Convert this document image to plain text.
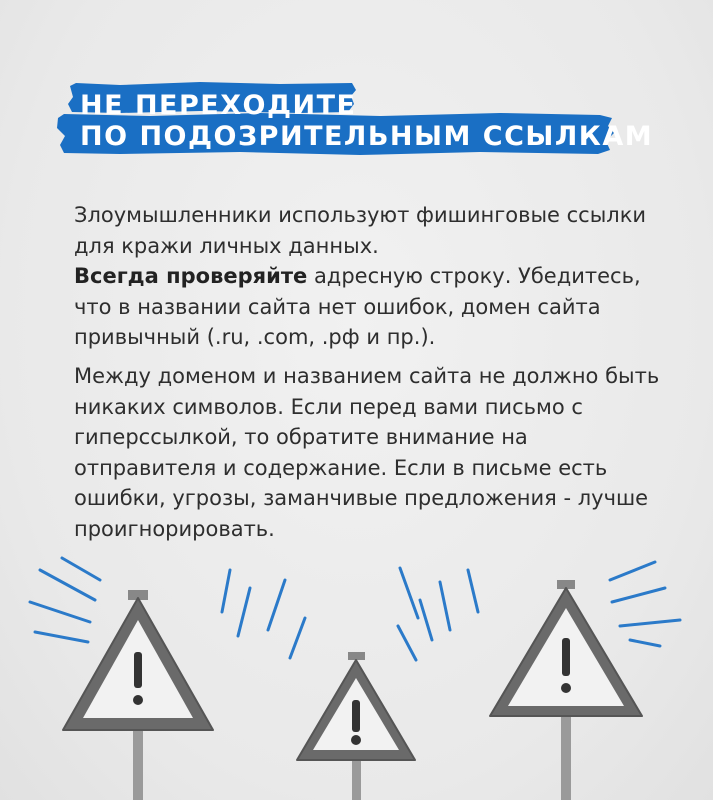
НЕ ПЕРЕХОДИТЕ
ПО ПОДОЗРИТЕЛЬНЫМ ССЫЛКАМ
Злоумышленники используют фишинговые ссылки для кражи личных данных.
Всегда проверяйте адресную строку. Убедитесь, что в названии сайта нет ошибок, домен сайта привычный (.ru, .com, .рф и пр.).
Между доменом и названием сайта не должно быть никаких символов. Если перед вами письмо с гиперссылкой, то обратите внимание на отправителя и содержание. Если в письме есть ошибки, угрозы, заманчивые предложения - лучше проигнорировать.
